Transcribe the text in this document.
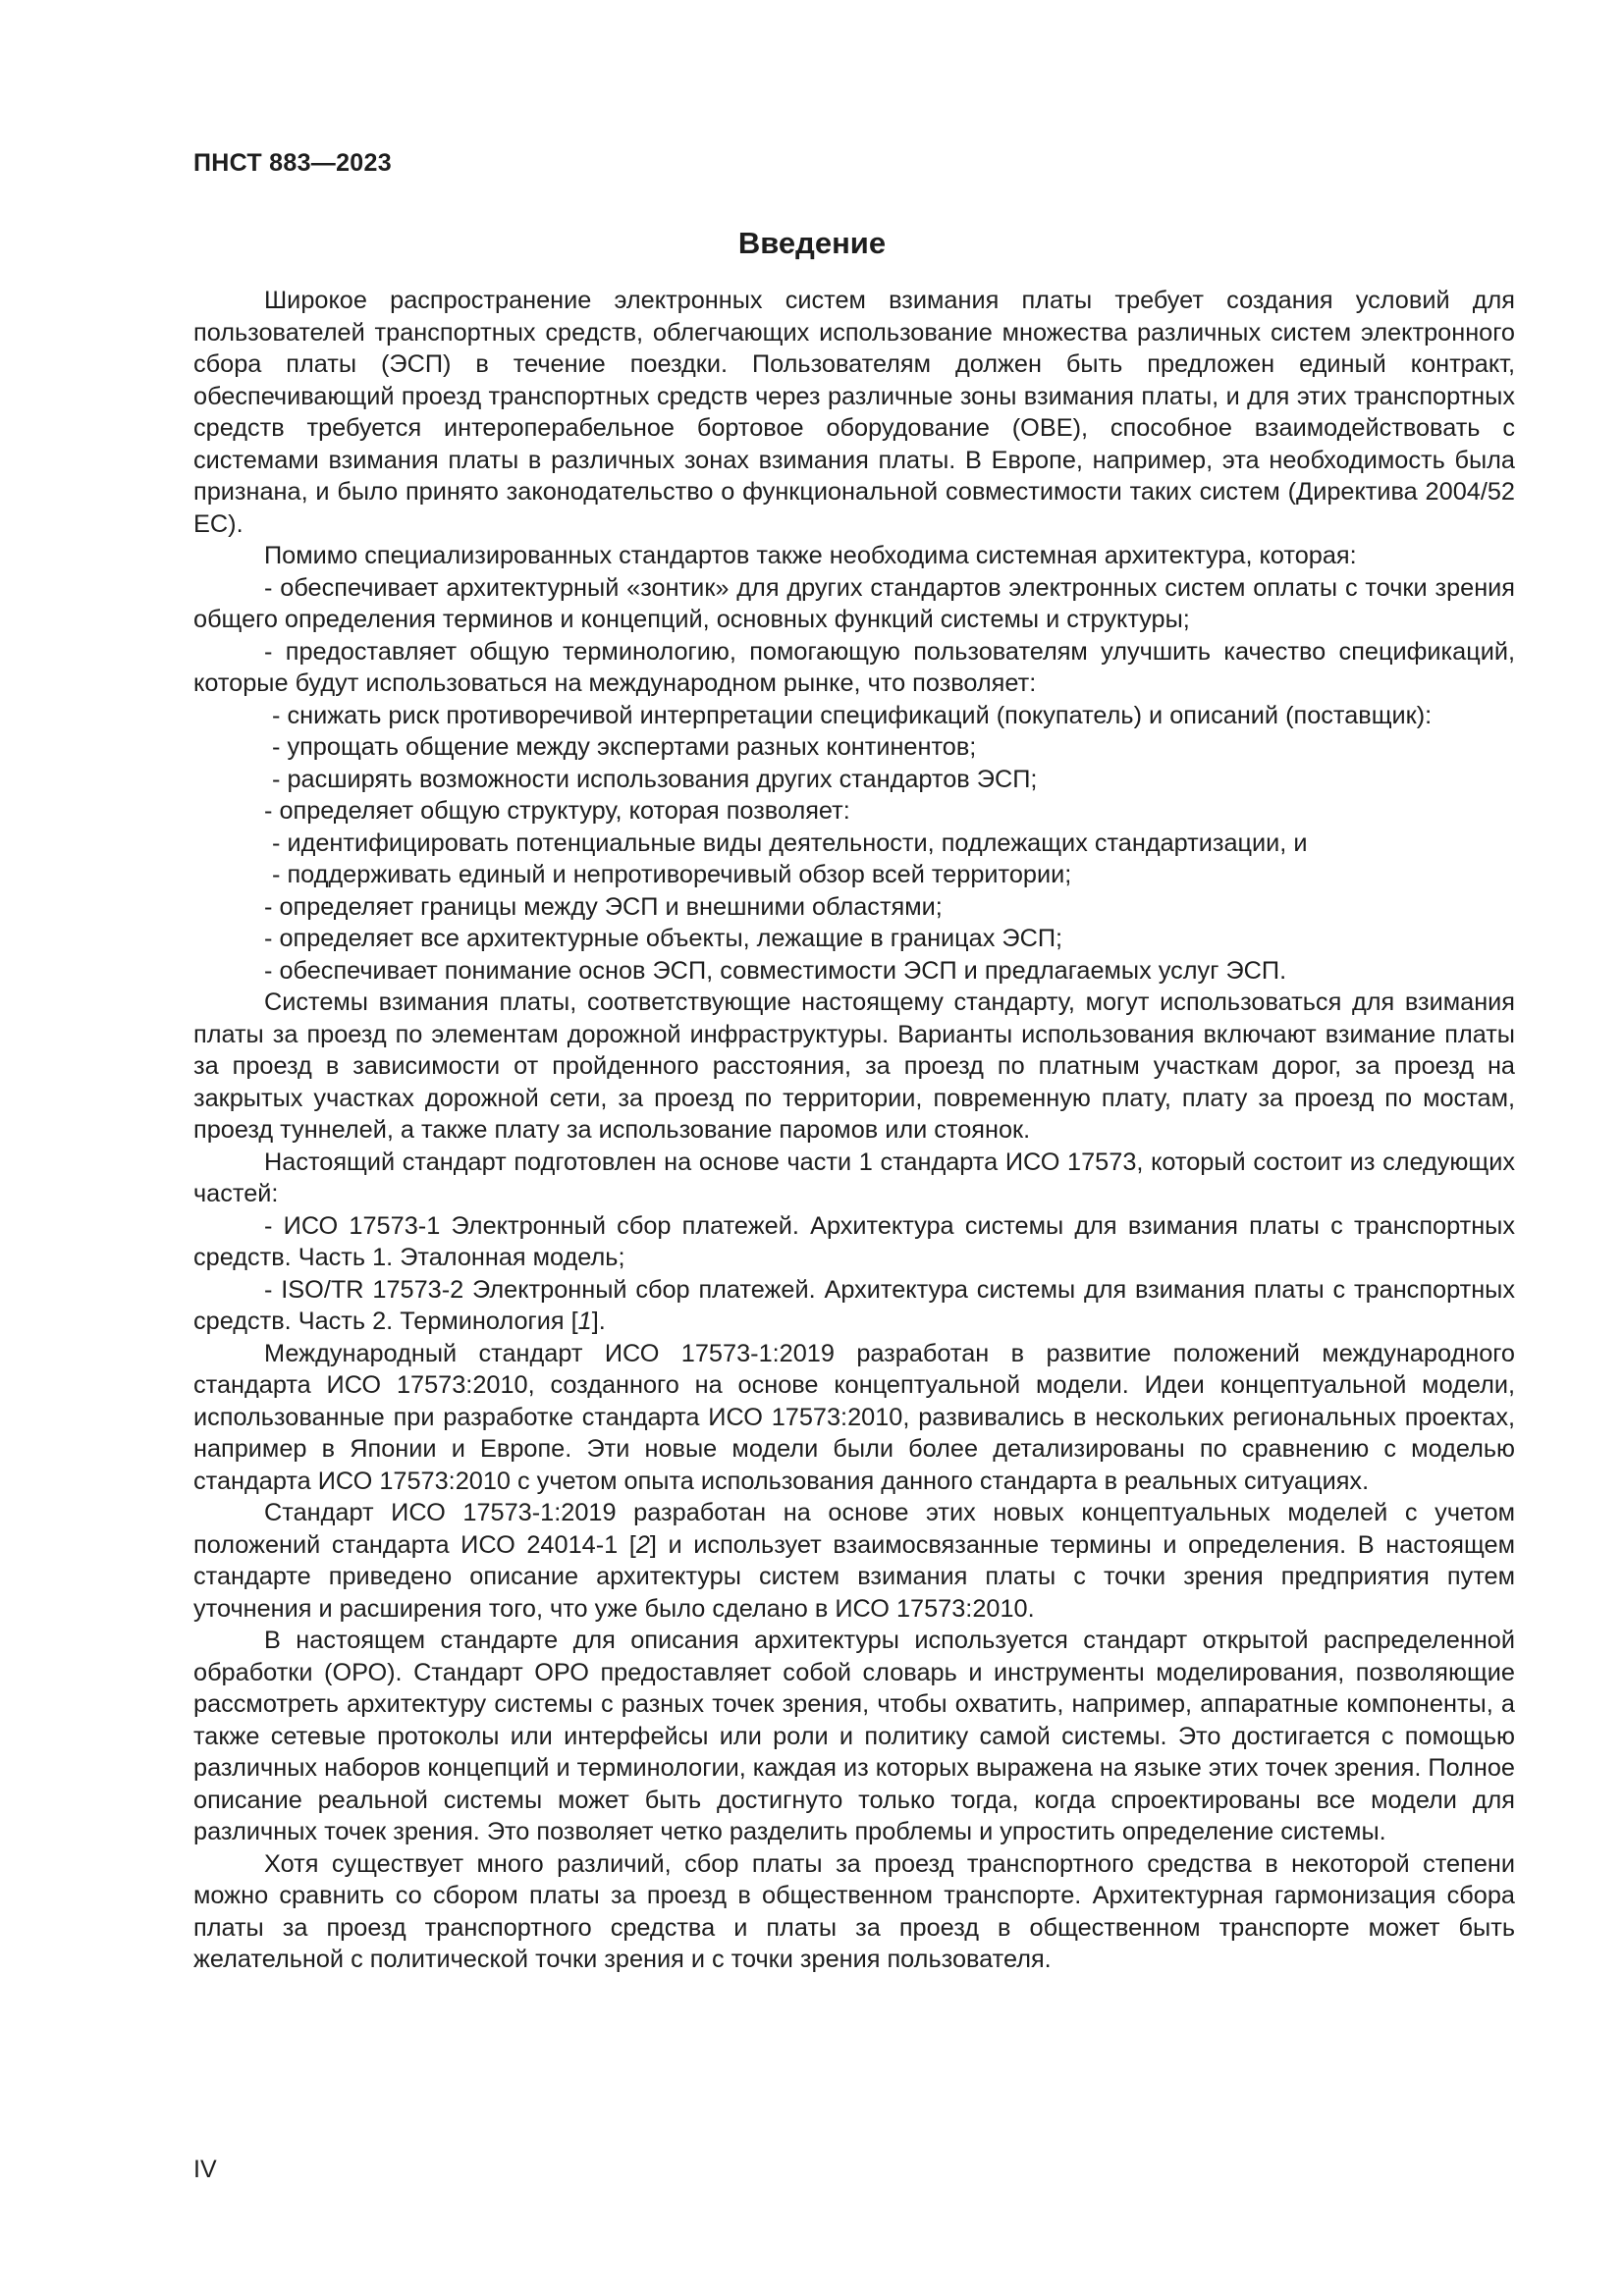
ПНСТ 883—2023
Введение

Широкое распространение электронных систем взимания платы требует создания условий для пользователей транспортных средств, облегчающих использование множества различных систем электронного сбора платы (ЭСП) в течение поездки. Пользователям должен быть предложен единый контракт, обеспечивающий проезд транспортных средств через различные зоны взимания платы, и для этих транспортных средств требуется интероперабельное бортовое оборудование (OBE), способное взаимодействовать с системами взимания платы в различных зонах взимания платы. В Европе, например, эта необходимость была признана, и было принято законодательство о функциональной совместимости таких систем (Директива 2004/52 ЕС).

Помимо специализированных стандартов также необходима системная архитектура, которая:

- обеспечивает архитектурный «зонтик» для других стандартов электронных систем оплаты с точки зрения общего определения терминов и концепций, основных функций системы и структуры;

- предоставляет общую терминологию, помогающую пользователям улучшить качество спецификаций, которые будут использоваться на международном рынке, что позволяет:

- снижать риск противоречивой интерпретации спецификаций (покупатель) и описаний (поставщик):

- упрощать общение между экспертами разных континентов;

- расширять возможности использования других стандартов ЭСП;

- определяет общую структуру, которая позволяет:

- идентифицировать потенциальные виды деятельности, подлежащих стандартизации, и

- поддерживать единый и непротиворечивый обзор всей территории;

- определяет границы между ЭСП и внешними областями;

- определяет все архитектурные объекты, лежащие в границах ЭСП;

- обеспечивает понимание основ ЭСП, совместимости ЭСП и предлагаемых услуг ЭСП.

Системы взимания платы, соответствующие настоящему стандарту, могут использоваться для взимания платы за проезд по элементам дорожной инфраструктуры. Варианты использования включают взимание платы за проезд в зависимости от пройденного расстояния, за проезд по платным участкам дорог, за проезд на закрытых участках дорожной сети, за проезд по территории, повременную плату, плату за проезд по мостам, проезд туннелей, а также плату за использование паромов или стоянок.

Настоящий стандарт подготовлен на основе части 1 стандарта ИСО 17573, который состоит из следующих частей:

- ИСО 17573-1 Электронный сбор платежей. Архитектура системы для взимания платы с транспортных средств. Часть 1. Эталонная модель;

- ISO/TR 17573-2 Электронный сбор платежей. Архитектура системы для взимания платы с транспортных средств. Часть 2. Терминология [1].

Международный стандарт ИСО 17573-1:2019 разработан в развитие положений международного стандарта ИСО 17573:2010, созданного на основе концептуальной модели. Идеи концептуальной модели, использованные при разработке стандарта ИСО 17573:2010, развивались в нескольких региональных проектах, например в Японии и Европе. Эти новые модели были более детализированы по сравнению с моделью стандарта ИСО 17573:2010 с учетом опыта использования данного стандарта в реальных ситуациях.

Стандарт ИСО 17573-1:2019 разработан на основе этих новых концептуальных моделей с учетом положений стандарта ИСО 24014-1 [2] и использует взаимосвязанные термины и определения. В настоящем стандарте приведено описание архитектуры систем взимания платы с точки зрения предприятия путем уточнения и расширения того, что уже было сделано в ИСО 17573:2010.

В настоящем стандарте для описания архитектуры используется стандарт открытой распределенной обработки (ОРО). Стандарт ОРО предоставляет собой словарь и инструменты моделирования, позволяющие рассмотреть архитектуру системы с разных точек зрения, чтобы охватить, например, аппаратные компоненты, а также сетевые протоколы или интерфейсы или роли и политику самой системы. Это достигается с помощью различных наборов концепций и терминологии, каждая из которых выражена на языке этих точек зрения. Полное описание реальной системы может быть достигнуто только тогда, когда спроектированы все модели для различных точек зрения. Это позволяет четко разделить проблемы и упростить определение системы.

Хотя существует много различий, сбор платы за проезд транспортного средства в некоторой степени можно сравнить со сбором платы за проезд в общественном транспорте. Архитектурная гармонизация сбора платы за проезд транспортного средства и платы за проезд в общественном транспорте может быть желательной с политической точки зрения и с точки зрения пользователя.

IV
